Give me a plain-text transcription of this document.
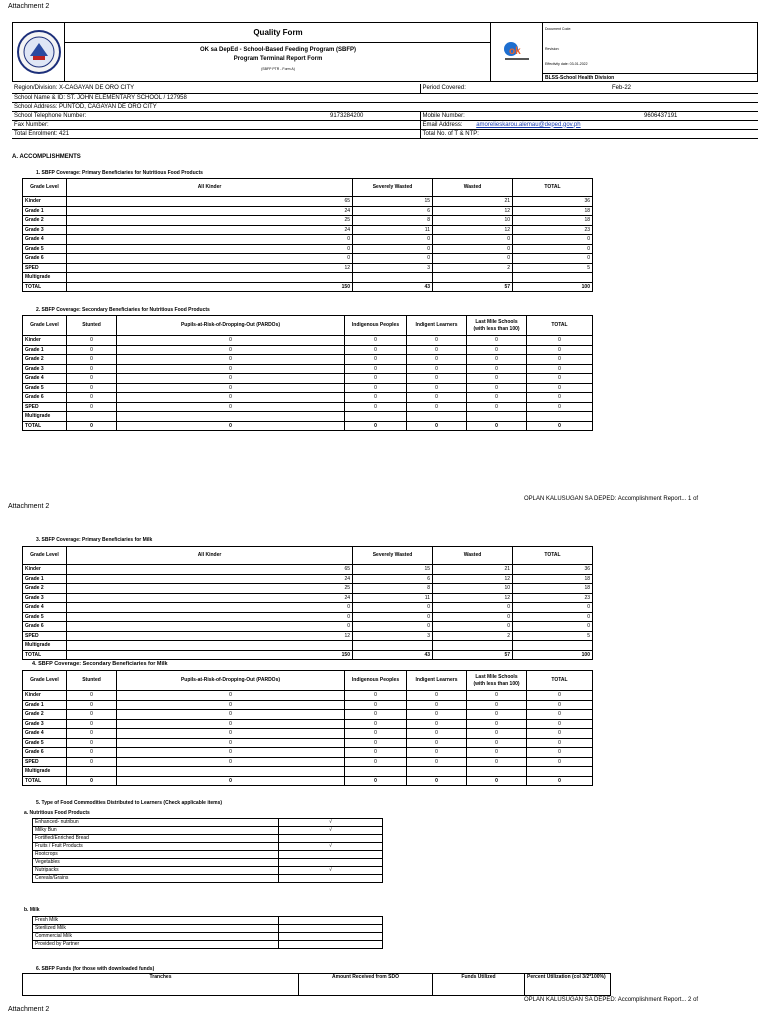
Attachment 2
Quality Form
OK sa DepEd - School-Based Feeding Program (SBFP)
Program Terminal Report Form
(SBFP PTR - Form A)
ok
Document Code:
Revision:
Effectivity date: 03-01-2022
BLSS-School Health Division
Region/Division: X-CAGAYAN DE ORO CITY	Period Covered: Feb-22

School Name & ID: ST. JOHN ELEMENTARY SCHOOL / 127958	
School Address: PUNTOD, CAGAYAN DE ORO CITY	
School Telephone Number: 9173284200	Mobile Number: 9606437191

Fax Number:	Email Address: amorelieskarou.alemau@deped.gov.ph
Total Enrolment: 421	Total No. of T & NTP:
A. ACCOMPLISHMENTS
1. SBFP Coverage: Primary Beneficiaries for Nutritious Food Products
Grade Level	All Kinder	Severely Wasted	Wasted	TOTAL
Kinder	65	15	21	36
Grade 1	24	6	12	18
Grade 2	25	8	10	18
Grade 3	24	11	12	23
Grade 4	0	0	0	0
Grade 5	0	0	0	0
Grade 6	0	0	0	0
SPED	12	3	2	5
Multigrade				
TOTAL	150	43	57	100
2. SBFP Coverage: Secondary Beneficiaries for Nutritious Food Products
Grade Level	Stunted	Pupils-at-Risk-of-Dropping-Out (PARDOs)	Indigenous Peoples	Indigent Learners	Last Mile Schools (with less than 100)	TOTAL
Kinder	0	0	0	0	0	0
Grade 1	0	0	0	0	0	0
Grade 2	0	0	0	0	0	0
Grade 3	0	0	0	0	0	0
Grade 4	0	0	0	0	0	0
Grade 5	0	0	0	0	0	0
Grade 6	0	0	0	0	0	0
SPED	0	0	0	0	0	0
Multigrade						
TOTAL	0	0	0	0	0	0
Attachment 2
OPLAN KALUSUGAN SA DEPED: Accomplishment Report... 1 of
3. SBFP Coverage: Primary Beneficiaries for Milk
Grade Level	All Kinder	Severely Wasted	Wasted	TOTAL
Kinder	65	15	21	36
Grade 1	24	6	12	18
Grade 2	25	8	10	18
Grade 3	24	11	12	23
Grade 4	0	0	0	0
Grade 5	0	0	0	0
Grade 6	0	0	0	0
SPED	12	3	2	5
Multigrade				
TOTAL	150	43	57	100
4. SBFP Coverage: Secondary Beneficiaries for Milk
Grade Level	Stunted	Pupils-at-Risk-of-Dropping-Out (PARDOs)	Indigenous Peoples	Indigent Learners	Last Mile Schools (with less than 100)	TOTAL
Kinder	0	0	0	0	0	0
Grade 1	0	0	0	0	0	0
Grade 2	0	0	0	0	0	0
Grade 3	0	0	0	0	0	0
Grade 4	0	0	0	0	0	0
Grade 5	0	0	0	0	0	0
Grade 6	0	0	0	0	0	0
SPED	0	0	0	0	0	0
Multigrade						
TOTAL	0	0	0	0	0	0
5. Type of Food Commodities Distributed to Learners (Check applicable items)
a. Nutritious Food Products
Enhanced- nutribun	√
Milky Bun	√
Fortified/Enriched Bread	
Fruits / Fruit Products	√
Rootcrops	
Vegetables	
Nutripacks	√
Cereals/Grains	
b. Milk
Fresh Milk	
Sterilized Milk	
Commercial Milk	
Provided by Partner	
6. SBFP Funds (for those with downloaded funds)
Tranches	Amount Received from SDO	Funds Utilized	Percent Utilization (col 3/2*100%)
OPLAN KALUSUGAN SA DEPED: Accomplishment Report... 2 of
Attachment 2
